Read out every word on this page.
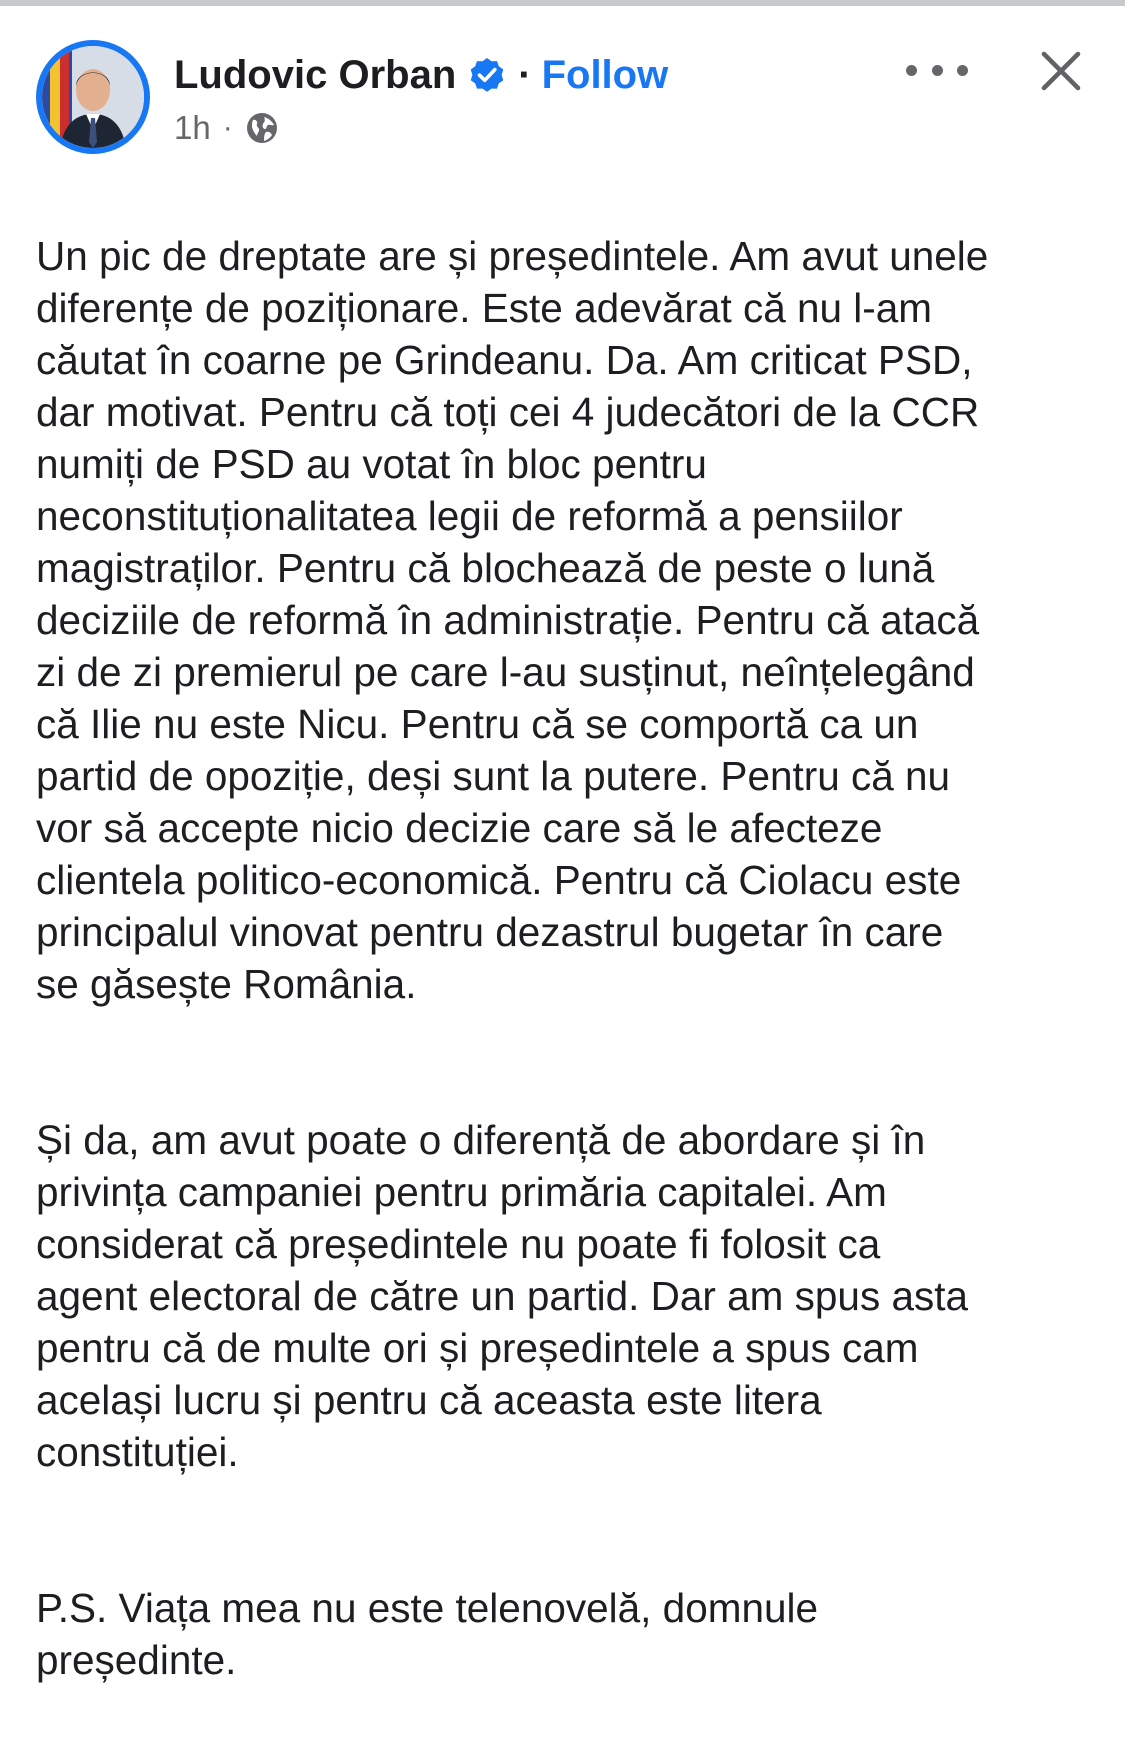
Ludovic Orban · Follow
1h ·

Un pic de dreptate are și președintele. Am avut unele
diferențe de poziționare. Este adevărat că nu l-am
căutat în coarne pe Grindeanu. Da. Am criticat PSD,
dar motivat. Pentru că toți cei 4 judecători de la CCR
numiți de PSD au votat în bloc pentru
neconstituționalitatea legii de reformă a pensiilor
magistraților. Pentru că blochează de peste o lună
deciziile de reformă în administrație. Pentru că atacă
zi de zi premierul pe care l-au susținut, neînțelegând
că Ilie nu este Nicu. Pentru că se comportă ca un
partid de opoziție, deși sunt la putere. Pentru că nu
vor să accepte nicio decizie care să le afecteze
clientela politico-economică. Pentru că Ciolacu este
principalul vinovat pentru dezastrul bugetar în care
se găsește România.

Și da, am avut poate o diferență de abordare și în
privința campaniei pentru primăria capitalei. Am
considerat că președintele nu poate fi folosit ca
agent electoral de către un partid. Dar am spus asta
pentru că de multe ori și președintele a spus cam
același lucru și pentru că aceasta este litera
constituției.

P.S. Viața mea nu este telenovelă, domnule
președinte.
